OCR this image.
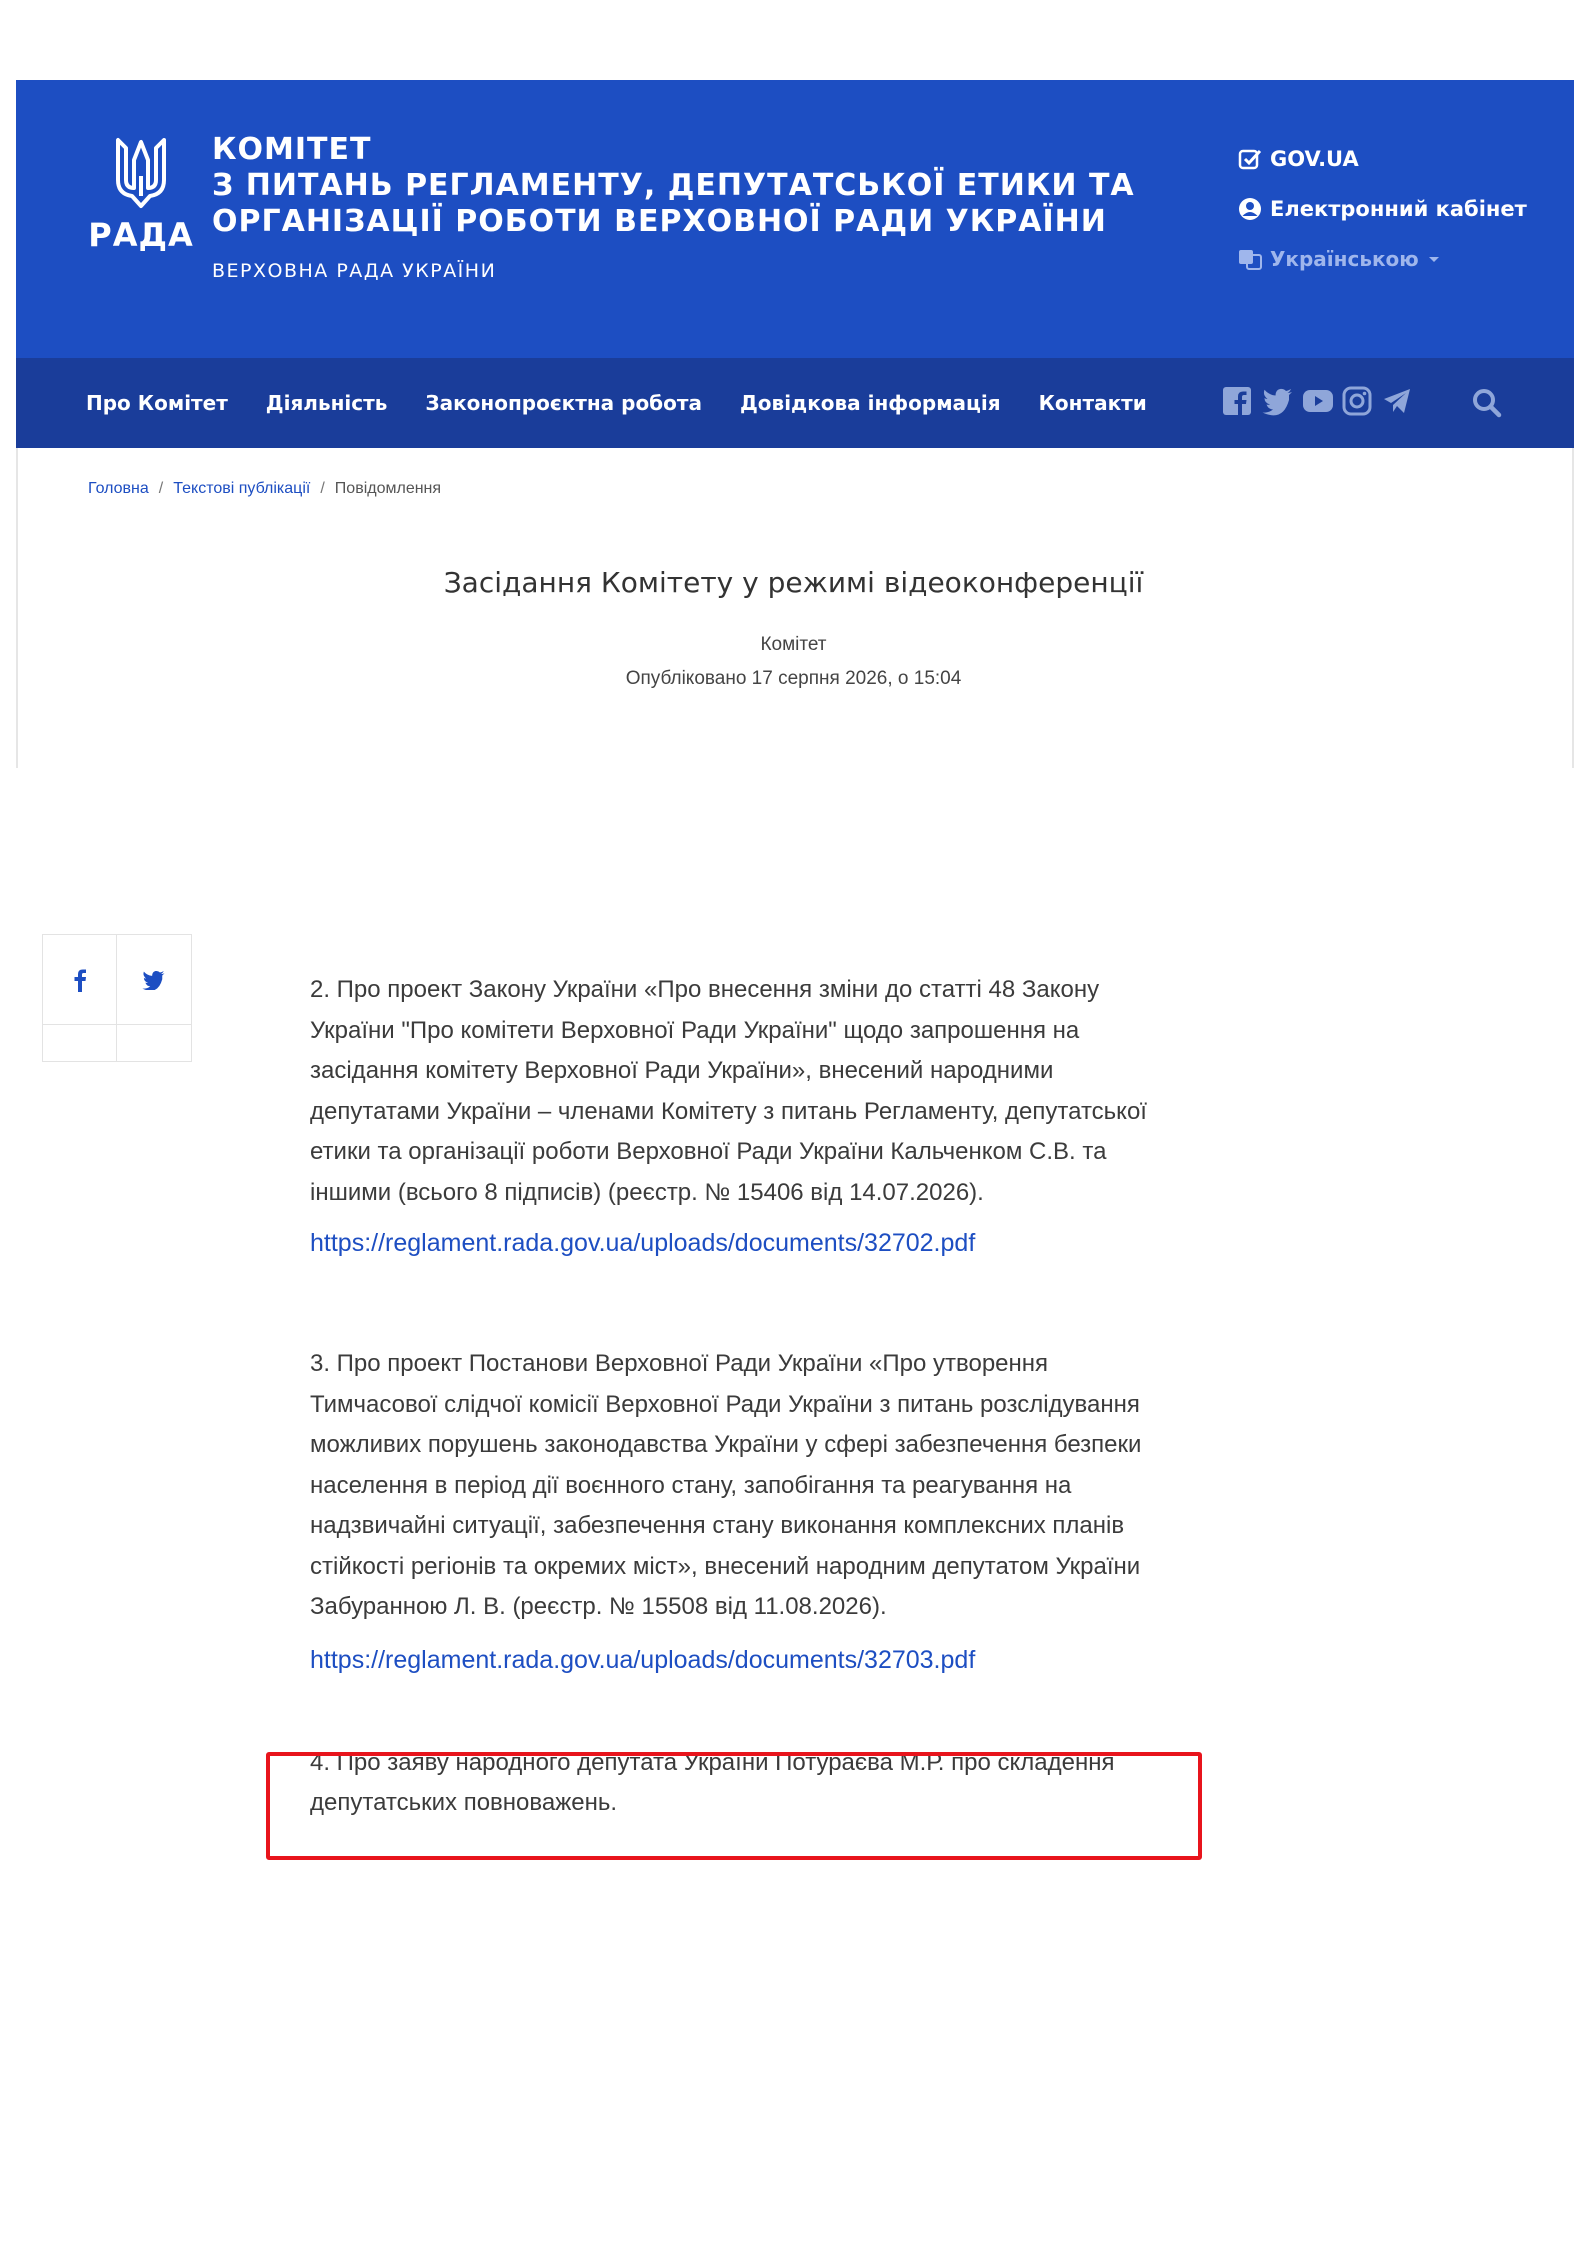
РАДА
КОМІТЕТ
З ПИТАНЬ РЕГЛАМЕНТУ, ДЕПУТАТСЬКОЇ ЕТИКИ ТА
ОРГАНІЗАЦІЇ РОБОТИ ВЕРХОВНОЇ РАДИ УКРАЇНИ
ВЕРХОВНА РАДА УКРАЇНИ
GOV.UA
Електронний кабінет
Українською
Про Комітет Діяльність Законопроєктна робота Довідкова інформація Контакти
Головна / Текстові публікації / Повідомлення
Засідання Комітету у режимі відеоконференції
Комітет
Опубліковано 17 серпня 2026, о 15:04
2. Про проект Закону України «Про внесення зміни до статті 48 Закону
України "Про комітети Верховної Ради України" щодо запрошення на
засідання комітету Верховної Ради України», внесений народними
депутатами України – членами Комітету з питань Регламенту, депутатської
етики та організації роботи Верховної Ради України Кальченком С.В. та
іншими (всього 8 підписів) (реєстр. № 15406 від 14.07.2026).
https://reglament.rada.gov.ua/uploads/documents/32702.pdf
3. Про проект Постанови Верховної Ради України «Про утворення
Тимчасової слідчої комісії Верховної Ради України з питань розслідування
можливих порушень законодавства України у сфері забезпечення безпеки
населення в період дії воєнного стану, запобігання та реагування на
надзвичайні ситуації, забезпечення стану виконання комплексних планів
стійкості регіонів та окремих міст», внесений народним депутатом України
Забуранною Л. В. (реєстр. № 15508 від 11.08.2026).
https://reglament.rada.gov.ua/uploads/documents/32703.pdf
4. Про заяву народного депутата України Потураєва М.Р. про складення
депутатських повноважень.
